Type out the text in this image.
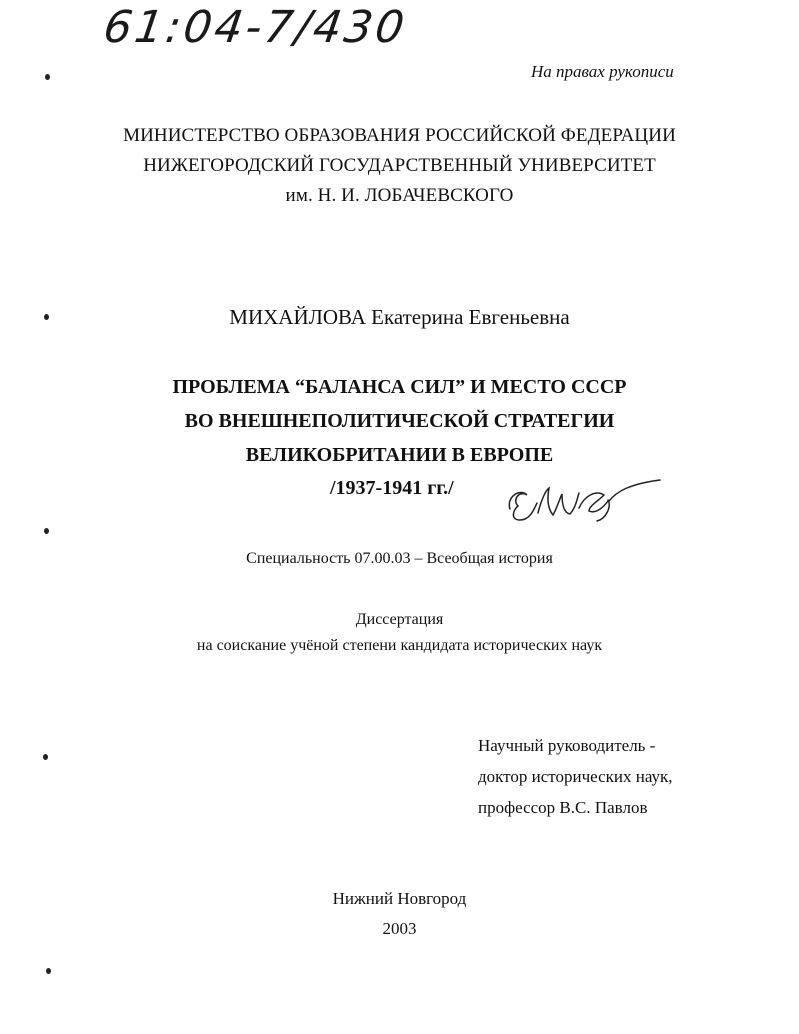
61:04-7/430
На правах рукописи
МИНИСТЕРСТВО ОБРАЗОВАНИЯ РОССИЙСКОЙ ФЕДЕРАЦИИ
НИЖЕГОРОДСКИЙ ГОСУДАРСТВЕННЫЙ УНИВЕРСИТЕТ
им. Н. И. ЛОБАЧЕВСКОГО
МИХАЙЛОВА Екатерина Евгеньевна
ПРОБЛЕМА “БАЛАНСА СИЛ” И МЕСТО СССР
ВО ВНЕШНЕПОЛИТИЧЕСКОЙ СТРАТЕГИИ
ВЕЛИКОБРИТАНИИ В ЕВРОПЕ
/1937-1941 гг./
Специальность 07.00.03 – Всеобщая история
Диссертация
на соискание учёной степени кандидата исторических наук
Научный руководитель -
доктор исторических наук,
профессор В.С. Павлов
Нижний Новгород
2003
